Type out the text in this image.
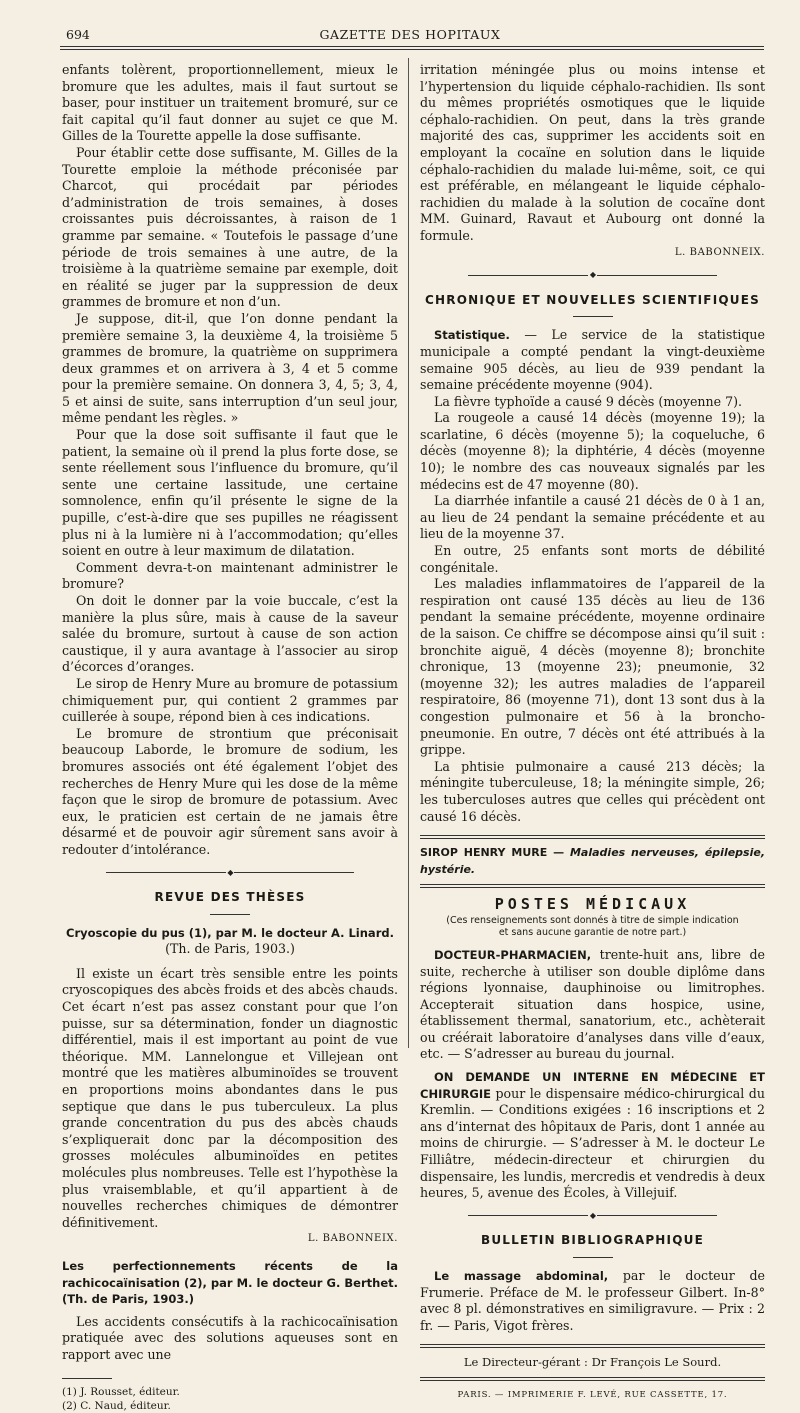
694	GAZETTE DES HOPITAUX

enfants tolèrent, proportionnellement, mieux le bromure que les adultes, mais il faut surtout se baser, pour instituer un traitement bromuré, sur ce fait capital qu’il faut donner au sujet ce que M. Gilles de la Tourette appelle la dose suffisante.

Pour établir cette dose suffisante, M. Gilles de la Tourette emploie la méthode préconisée par Charcot, qui procédait par périodes d’administration de trois semaines, à doses croissantes puis décroissantes, à raison de 1 gramme par semaine. « Toutefois le passage d’une période de trois semaines à une autre, de la troisième à la quatrième semaine par exemple, doit en réalité se juger par la suppression de deux grammes de bromure et non d’un.

Je suppose, dit-il, que l’on donne pendant la première semaine 3, la deuxième 4, la troisième 5 grammes de bromure, la quatrième on supprimera deux grammes et on arrivera à 3, 4 et 5 comme pour la première semaine. On donnera 3, 4, 5; 3, 4, 5 et ainsi de suite, sans interruption d’un seul jour, même pendant les règles. »

Pour que la dose soit suffisante il faut que le patient, la semaine où il prend la plus forte dose, se sente réellement sous l’influence du bromure, qu’il sente une certaine lassitude, une certaine somnolence, enfin qu’il présente le signe de la pupille, c’est-à-dire que ses pupilles ne réagissent plus ni à la lumière ni à l’accommodation; qu’elles soient en outre à leur maximum de dilatation.

Comment devra-t-on maintenant administrer le bromure?

On doit le donner par la voie buccale, c’est la manière la plus sûre, mais à cause de la saveur salée du bromure, surtout à cause de son action caustique, il y aura avantage à l’associer au sirop d’écorces d’oranges.

Le sirop de Henry Mure au bromure de potassium chimiquement pur, qui contient 2 grammes par cuillerée à soupe, répond bien à ces indications.

Le bromure de strontium que préconisait beaucoup Laborde, le bromure de sodium, les bromures associés ont été également l’objet des recherches de Henry Mure qui les dose de la même façon que le sirop de bromure de potassium. Avec eux, le praticien est certain de ne jamais être désarmé et de pouvoir agir sûrement sans avoir à redouter d’intolérance.

◆
REVUE DES THÈSES
Cryoscopie du pus (1), par M. le docteur A. Linard.
(Th. de Paris, 1903.)

Il existe un écart très sensible entre les points cryoscopiques des abcès froids et des abcès chauds. Cet écart n’est pas assez constant pour que l’on puisse, sur sa détermination, fonder un diagnostic différentiel, mais il est important au point de vue théorique. MM. Lannelongue et Villejean ont montré que les matières albuminoïdes se trouvent en proportions moins abondantes dans le pus septique que dans le pus tuberculeux. La plus grande concentration du pus des abcès chauds s’expliquerait donc par la décomposition des grosses molécules albuminoïdes en petites molécules plus nombreuses. Telle est l’hypothèse la plus vraisemblable, et qu’il appartient à de nouvelles recherches chimiques de démontrer définitivement.

L. BABONNEIX.

Les perfectionnements récents de la rachicocaïnisation (2), par M. le docteur G. Berthet. (Th. de Paris, 1903.)

Les accidents consécutifs à la rachicocaïnisation pratiquée avec des solutions aqueuses sont en rapport avec une

(1) J. Rousset, éditeur.
(2) C. Naud, éditeur.

irritation méningée plus ou moins intense et l’hypertension du liquide céphalo-rachidien. Ils sont du mêmes propriétés osmotiques que le liquide céphalo-rachidien. On peut, dans la très grande majorité des cas, supprimer les accidents soit en employant la cocaïne en solution dans le liquide céphalo-rachidien du malade lui-même, soit, ce qui est préférable, en mélangeant le liquide céphalo-rachidien du malade à la solution de cocaïne dont MM. Guinard, Ravaut et Aubourg ont donné la formule.

L. BABONNEIX.
◆
CHRONIQUE ET NOUVELLES SCIENTIFIQUES

Statistique. — Le service de la statistique municipale a compté pendant la vingt-deuxième semaine 905 décès, au lieu de 939 pendant la semaine précédente moyenne (904).

La fièvre typhoïde a causé 9 décès (moyenne 7).

La rougeole a causé 14 décès (moyenne 19); la scarlatine, 6 décès (moyenne 5); la coqueluche, 6 décès (moyenne 8); la diphtérie, 4 décès (moyenne 10); le nombre des cas nouveaux signalés par les médecins est de 47 moyenne (80).

La diarrhée infantile a causé 21 décès de 0 à 1 an, au lieu de 24 pendant la semaine précédente et au lieu de la moyenne 37.

En outre, 25 enfants sont morts de débilité congénitale.

Les maladies inflammatoires de l’appareil de la respiration ont causé 135 décès au lieu de 136 pendant la semaine précédente, moyenne ordinaire de la saison. Ce chiffre se décompose ainsi qu’il suit : bronchite aiguë, 4 décès (moyenne 8); bronchite chronique, 13 (moyenne 23); pneumonie, 32 (moyenne 32); les autres maladies de l’appareil respiratoire, 86 (moyenne 71), dont 13 sont dus à la congestion pulmonaire et 56 à la broncho-pneumonie. En outre, 7 décès ont été attribués à la grippe.

La phtisie pulmonaire a causé 213 décès; la méningite tuberculeuse, 18; la méningite simple, 26; les tuberculoses autres que celles qui précèdent ont causé 16 décès.

SIROP HENRY MURE — Maladies nerveuses, épilepsie, hystérie.

POSTES MÉDICAUX
(Ces renseignements sont donnés à titre de simple indication
et sans aucune garantie de notre part.)

DOCTEUR-PHARMACIEN, trente-huit ans, libre de suite, recherche à utiliser son double diplôme dans régions lyonnaise, dauphinoise ou limitrophes. Accepterait situation dans hospice, usine, établissement thermal, sanatorium, etc., achèterait ou créérait laboratoire d’analyses dans ville d’eaux, etc. — S’adresser au bureau du journal.

ON DEMANDE UN INTERNE EN MÉDECINE ET CHIRURGIE pour le dispensaire médico-chirurgical du Kremlin. — Conditions exigées : 16 inscriptions et 2 ans d’internat des hôpitaux de Paris, dont 1 année au moins de chirurgie. — S’adresser à M. le docteur Le Filliâtre, médecin-directeur et chirurgien du dispensaire, les lundis, mercredis et vendredis à deux heures, 5, avenue des Écoles, à Villejuif.

◆
BULLETIN BIBLIOGRAPHIQUE

Le massage abdominal, par le docteur de Frumerie. Préface de M. le professeur Gilbert. In-8° avec 8 pl. démonstratives en similigravure. — Prix : 2 fr. — Paris, Vigot frères.

Le Directeur-gérant : Dr François Le Sourd.
PARIS. — IMPRIMERIE F. LEVÉ, RUE CASSETTE, 17.
